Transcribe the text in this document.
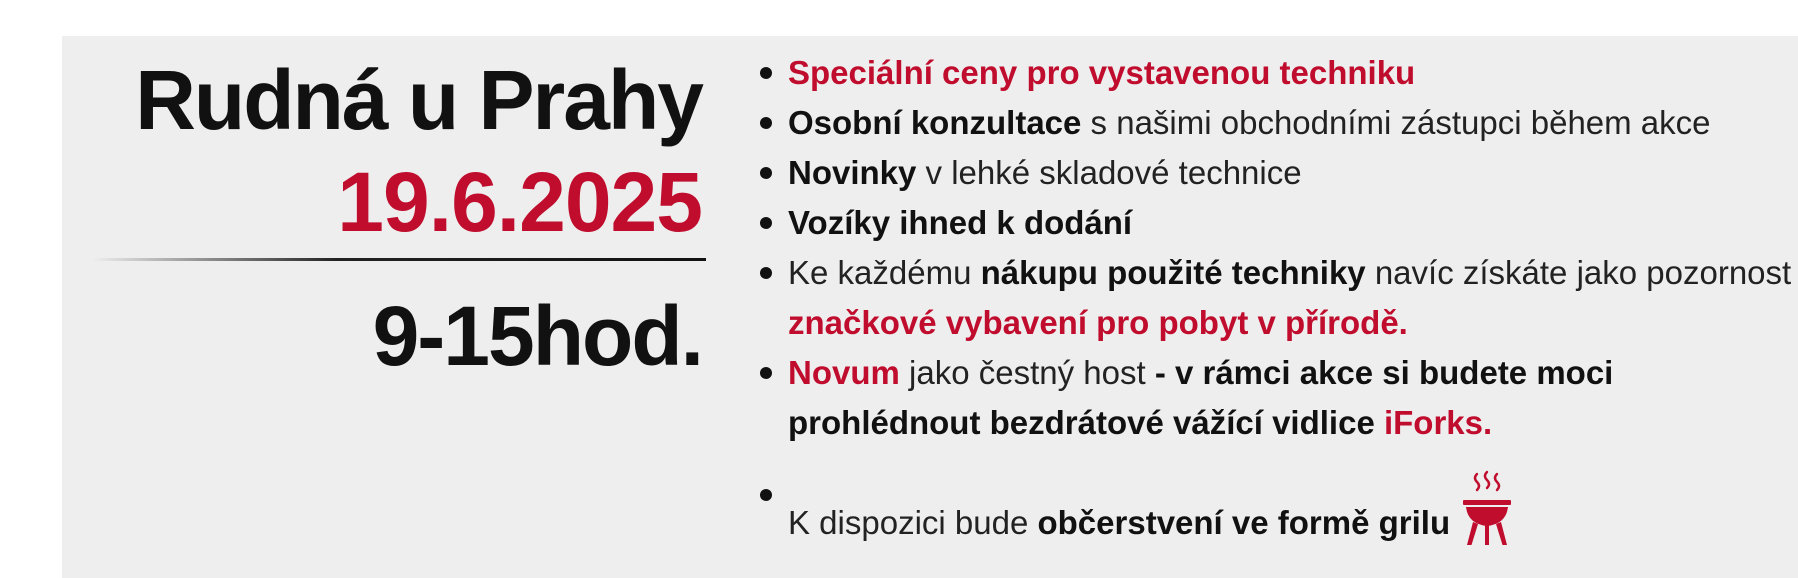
Rudná u Prahy
19.6.2025
9-15hod.
Speciální ceny pro vystavenou techniku
Osobní konzultace s našimi obchodními zástupci během akce
Novinky v lehké skladové technice
Vozíky ihned k dodání
Ke každému nákupu použité techniky navíc získáte jako pozornost značkové vybavení pro pobyt v přírodě.
Novum jako čestný host - v rámci akce si budete moci prohlédnout bezdrátové vážící vidlice iForks.
K dispozici bude občerstvení ve formě grilu
